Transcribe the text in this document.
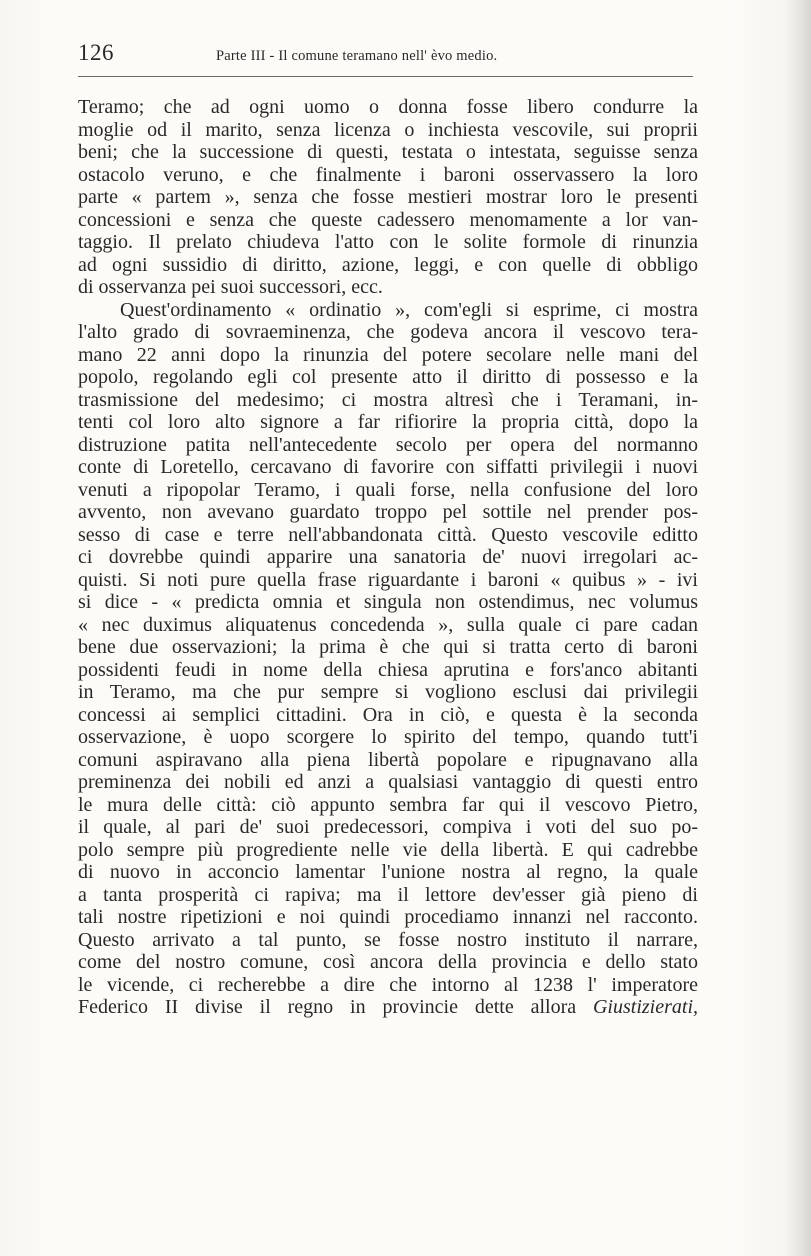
126	Parte III - Il comune teramano nell' èvo medio.
Teramo; che ad ogni uomo o donna fosse libero condurre la
moglie od il marito, senza licenza o inchiesta vescovile, sui proprii
beni; che la successione di questi, testata o intestata, seguisse senza
ostacolo veruno, e che finalmente i baroni osservassero la loro
parte « partem », senza che fosse mestieri mostrar loro le presenti
concessioni e senza che queste cadessero menomamente a lor van-
taggio. Il prelato chiudeva l'atto con le solite formole di rinunzia
ad ogni sussidio di diritto, azione, leggi, e con quelle di obbligo
di osservanza pei suoi successori, ecc.
Quest'ordinamento « ordinatio », com'egli si esprime, ci mostra
l'alto grado di sovraeminenza, che godeva ancora il vescovo tera-
mano 22 anni dopo la rinunzia del potere secolare nelle mani del
popolo, regolando egli col presente atto il diritto di possesso e la
trasmissione del medesimo; ci mostra altresì che i Teramani, in-
tenti col loro alto signore a far rifiorire la propria città, dopo la
distruzione patita nell'antecedente secolo per opera del normanno
conte di Loretello, cercavano di favorire con siffatti privilegii i nuovi
venuti a ripopolar Teramo, i quali forse, nella confusione del loro
avvento, non avevano guardato troppo pel sottile nel prender pos-
sesso di case e terre nell'abbandonata città. Questo vescovile editto
ci dovrebbe quindi apparire una sanatoria de' nuovi irregolari ac-
quisti. Si noti pure quella frase riguardante i baroni « quibus » - ivi
si dice - « predicta omnia et singula non ostendimus, nec volumus
« nec duximus aliquatenus concedenda », sulla quale ci pare cadan
bene due osservazioni; la prima è che qui si tratta certo di baroni
possidenti feudi in nome della chiesa aprutina e fors'anco abitanti
in Teramo, ma che pur sempre si vogliono esclusi dai privilegii
concessi ai semplici cittadini. Ora in ciò, e questa è la seconda
osservazione, è uopo scorgere lo spirito del tempo, quando tutt'i
comuni aspiravano alla piena libertà popolare e ripugnavano alla
preminenza dei nobili ed anzi a qualsiasi vantaggio di questi entro
le mura delle città: ciò appunto sembra far qui il vescovo Pietro,
il quale, al pari de' suoi predecessori, compiva i voti del suo po-
polo sempre più progrediente nelle vie della libertà. E qui cadrebbe
di nuovo in acconcio lamentar l'unione nostra al regno, la quale
a tanta prosperità ci rapiva; ma il lettore dev'esser già pieno di
tali nostre ripetizioni e noi quindi procediamo innanzi nel racconto.
Questo arrivato a tal punto, se fosse nostro instituto il narrare,
come del nostro comune, così ancora della provincia e dello stato
le vicende, ci recherebbe a dire che intorno al 1238 l' imperatore
Federico II divise il regno in provincie dette allora Giustizierati,
